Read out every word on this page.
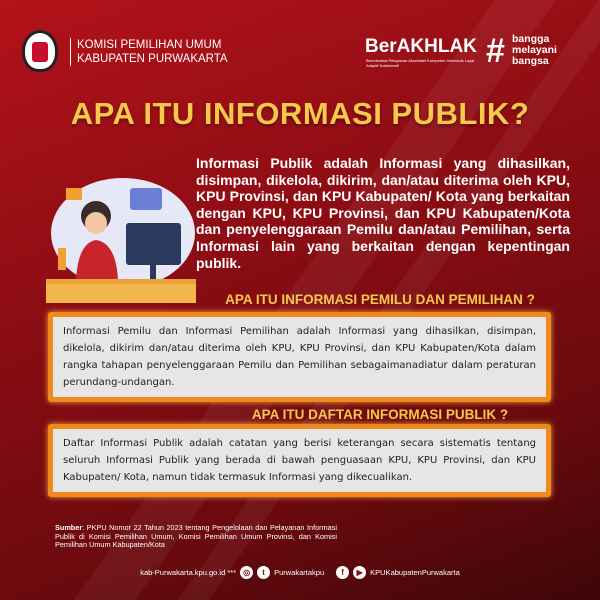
KOMISI PEMILIHAN UMUM
KABUPATEN PURWAKARTA
BerAKHLAK
Berorientasi Pelayanan Akuntabel Kompeten Harmonis Loyal Adaptif Kolaboratif	# bangga
melayani
bangsa
APA ITU INFORMASI PUBLIK?
Informasi Publik adalah Informasi yang dihasilkan, disimpan, dikelola, dikirim, dan/atau diterima oleh KPU, KPU Provinsi, dan KPU Kabupaten/ Kota yang berkaitan dengan KPU, KPU Provinsi, dan KPU Kabupaten/Kota dan penyelenggaraan Pemilu dan/atau Pemilihan, serta Informasi lain yang berkaitan dengan kepentingan publik.
APA ITU INFORMASI PEMILU DAN PEMILIHAN ?
Informasi Pemilu dan Informasi Pemilihan adalah Informasi yang dihasilkan, disimpan, dikelola, dikirim dan/atau diterima oleh KPU, KPU Provinsi, dan KPU Kabupaten/Kota dalam rangka tahapan penyelenggaraan Pemilu dan Pemilihan sebagaimanadiatur dalam peraturan perundang-undangan.
APA ITU DAFTAR INFORMASI PUBLIK ?
Daftar Informasi Publik adalah catatan yang berisi keterangan secara sistematis tentang seluruh Informasi Publik yang berada di bawah penguasaan KPU, KPU Provinsi, dan KPU Kabupaten/ Kota, namun tidak termasuk Informasi yang dikecualikan.
Sumber: PKPU Nomor 22 Tahun 2023 tentang Pengelolaan dan Pelayanan Informasi Publik di Komisi Pemilihan Umum, Komisi Pemilihan Umum Provinsi, dan Komisi Pemilihan Umum Kabupaten/Kota
kab-Purwakarta.kpu.go.id *** ◎	t	Purwakartakpu	f	▶ KPUKabupatenPurwakarta
